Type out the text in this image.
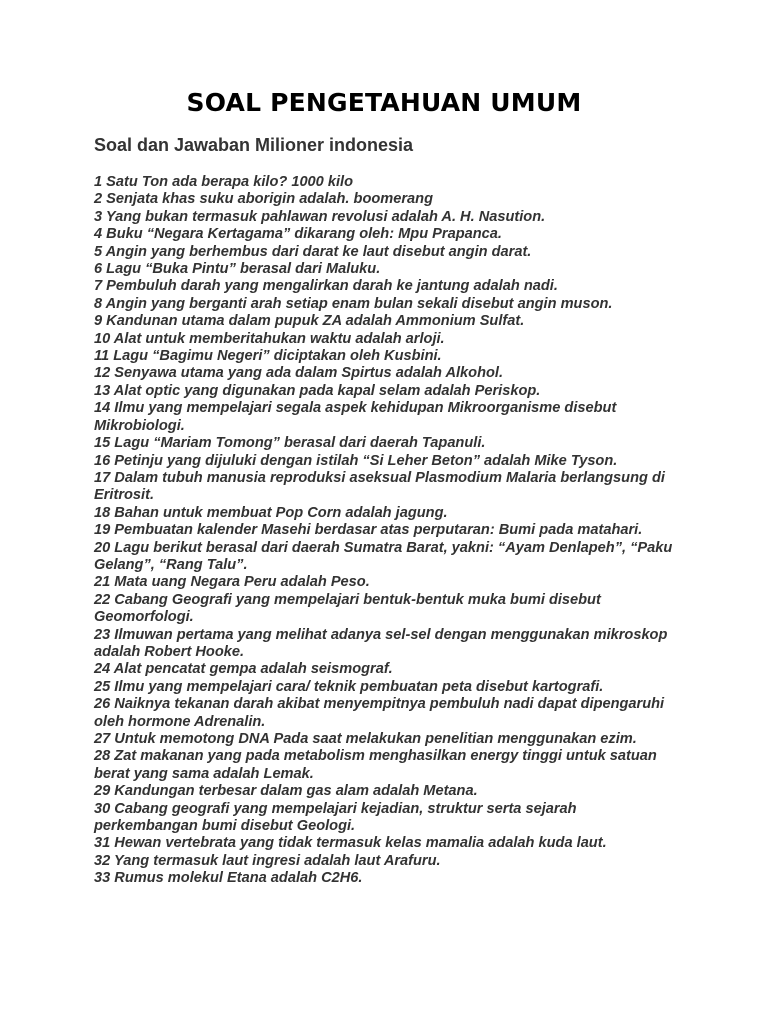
SOAL PENGETAHUAN UMUM
Soal dan Jawaban Milioner indonesia
1 Satu Ton ada berapa kilo? 1000 kilo
2 Senjata khas suku aborigin adalah. boomerang
3 Yang bukan termasuk pahlawan revolusi adalah A. H. Nasution.
4 Buku “Negara Kertagama” dikarang oleh: Mpu Prapanca.
5 Angin yang berhembus dari darat ke laut disebut angin darat.
6 Lagu “Buka Pintu” berasal dari Maluku.
7 Pembuluh darah yang mengalirkan darah ke jantung adalah nadi.
8 Angin yang berganti arah setiap enam bulan sekali disebut angin muson.
9 Kandunan utama dalam pupuk ZA adalah Ammonium Sulfat.
10 Alat untuk memberitahukan waktu adalah arloji.
11 Lagu “Bagimu Negeri” diciptakan oleh Kusbini.
12 Senyawa utama yang ada dalam Spirtus adalah Alkohol.
13 Alat optic yang digunakan pada kapal selam adalah Periskop.
14 Ilmu yang mempelajari segala aspek kehidupan Mikroorganisme disebut Mikrobiologi.
15 Lagu “Mariam Tomong” berasal dari daerah Tapanuli.
16 Petinju yang dijuluki dengan istilah “Si Leher Beton” adalah Mike Tyson.
17 Dalam tubuh manusia reproduksi aseksual Plasmodium Malaria berlangsung di Eritrosit.
18 Bahan untuk membuat Pop Corn adalah jagung.
19 Pembuatan kalender Masehi berdasar atas perputaran: Bumi pada matahari.
20 Lagu berikut berasal dari daerah Sumatra Barat, yakni: “Ayam Denlapeh”, “Paku Gelang”, “Rang Talu”.
21 Mata uang Negara Peru adalah Peso.
22 Cabang Geografi yang mempelajari bentuk-bentuk muka bumi disebut Geomorfologi.
23 Ilmuwan pertama yang melihat adanya sel-sel dengan menggunakan mikroskop adalah Robert Hooke.
24 Alat pencatat gempa adalah seismograf.
25 Ilmu yang mempelajari cara/ teknik pembuatan peta disebut kartografi.
26 Naiknya tekanan darah akibat menyempitnya pembuluh nadi dapat dipengaruhi oleh hormone Adrenalin.
27 Untuk memotong DNA Pada saat melakukan penelitian menggunakan ezim.
28 Zat makanan yang pada metabolism menghasilkan energy tinggi untuk satuan berat yang sama adalah Lemak.
29 Kandungan terbesar dalam gas alam adalah Metana.
30 Cabang geografi yang mempelajari kejadian, struktur serta sejarah perkembangan bumi disebut Geologi.
31 Hewan vertebrata yang tidak termasuk kelas mamalia adalah kuda laut.
32 Yang termasuk laut ingresi adalah laut Arafuru.
33 Rumus molekul Etana adalah C2H6.
